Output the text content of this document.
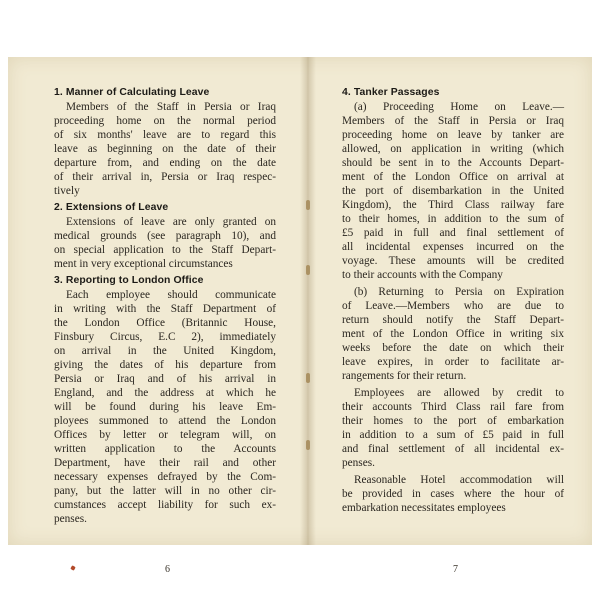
1. Manner of Calculating Leave
Members of the Staff in Persia or Iraq
proceeding home on the normal period
of six months' leave are to regard this
leave as beginning on the date of their
departure from, and ending on the date
of their arrival in, Persia or Iraq respec-
tively
2. Extensions of Leave
Extensions of leave are only granted on
medical grounds (see paragraph 10), and
on special application to the Staff Depart-
ment in very exceptional circumstances
3. Reporting to London Office
Each employee should communicate
in writing with the Staff Department of
the London Office (Britannic House,
Finsbury Circus, E.C 2), immediately
on arrival in the United Kingdom,
giving the dates of his departure from
Persia or Iraq and of his arrival in
England, and the address at which he
will be found during his leave Em-
ployees summoned to attend the London
Offices by letter or telegram will, on
written application to the Accounts
Department, have their rail and other
necessary expenses defrayed by the Com-
pany, but the latter will in no other cir-
cumstances accept liability for such ex-
penses.
4. Tanker Passages
(a) Proceeding Home on Leave.—
Members of the Staff in Persia or Iraq
proceeding home on leave by tanker are
allowed, on application in writing (which
should be sent in to the Accounts Depart-
ment of the London Office on arrival at
the port of disembarkation in the United
Kingdom), the Third Class railway fare
to their homes, in addition to the sum of
£5 paid in full and final settlement of
all incidental expenses incurred on the
voyage. These amounts will be credited
to their accounts with the Company
(b) Returning to Persia on Expiration
of Leave.—Members who are due to
return should notify the Staff Depart-
ment of the London Office in writing six
weeks before the date on which their
leave expires, in order to facilitate ar-
rangements for their return.
Employees are allowed by credit to
their accounts Third Class rail fare from
their homes to the port of embarkation
in addition to a sum of £5 paid in full
and final settlement of all incidental ex-
penses.
Reasonable Hotel accommodation will
be provided in cases where the hour of
embarkation necessitates employees
6	7
